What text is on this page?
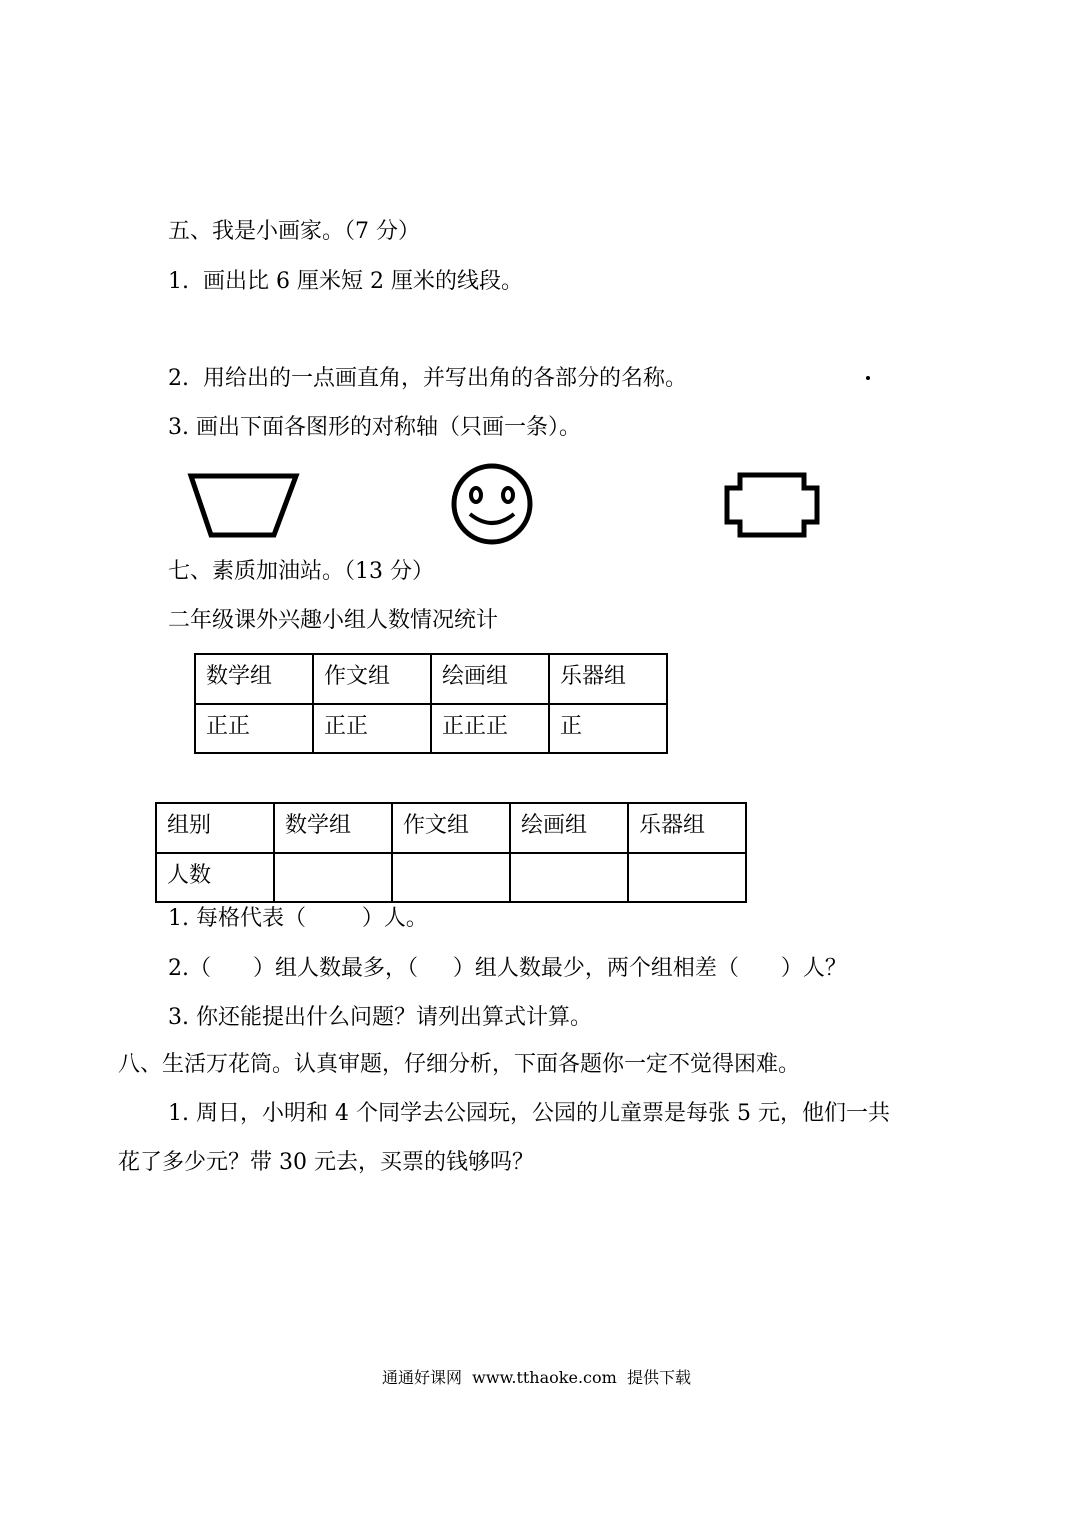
五、我是小画家。（7 分）
1.  画出比 6 厘米短 2 厘米的线段。
2.  用给出的一点画直角，并写出角的各部分的名称。
3. 画出下面各图形的对称轴（只画一条）。
七、素质加油站。（13 分）
二年级课外兴趣小组人数情况统计
数学组	作文组	绘画组	乐器组
正正	正正	正正正	正
组别	数学组	作文组	绘画组	乐器组
人数				
1. 每格代表（        ）人。
2.（      ）组人数最多，（     ）组人数最少，两个组相差（      ）人？
3. 你还能提出什么问题？请列出算式计算。
八、生活万花筒。认真审题，仔细分析，下面各题你一定不觉得困难。
1. 周日，小明和 4 个同学去公园玩，公园的儿童票是每张 5 元，他们一共
花了多少元？带 30 元去，买票的钱够吗？
通通好课网  www.tthaoke.com  提供下载
